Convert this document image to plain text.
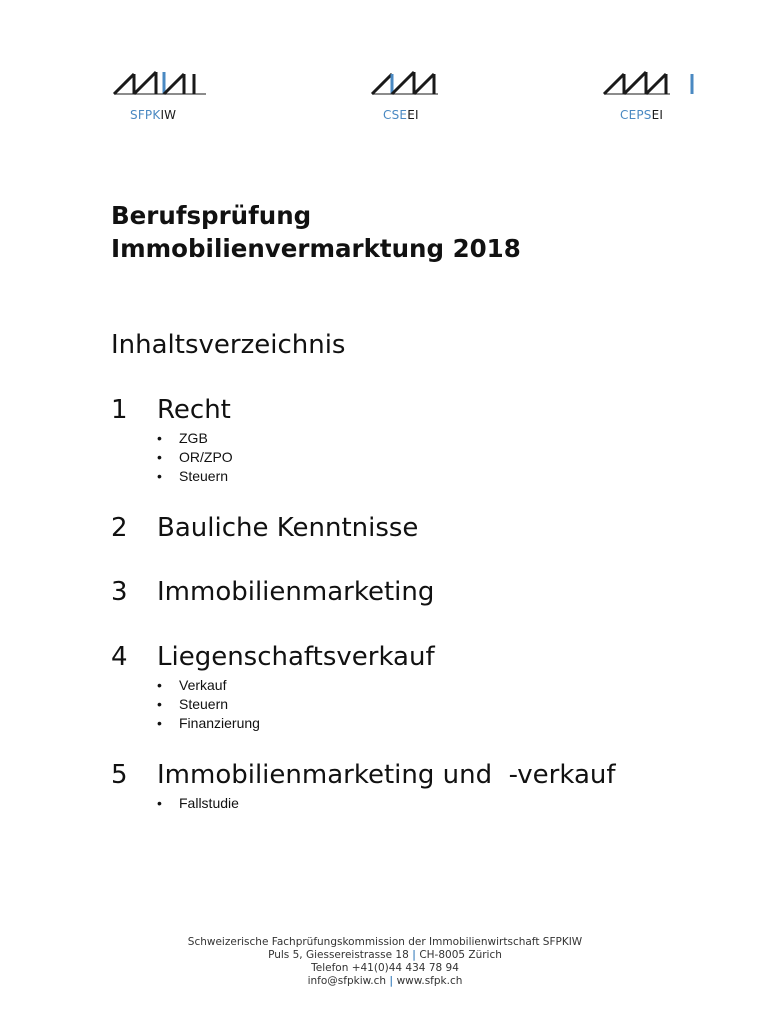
SFPKIW	CSEEI	CEPSEI
Berufsprüfung
Immobilienvermarktung 2018
Inhaltsverzeichnis
1 Recht
• ZGB
• OR/ZPO
• Steuern
2 Bauliche Kenntnisse
3 Immobilienmarketing
4 Liegenschaftsverkauf
• Verkauf
• Steuern
• Finanzierung
5 Immobilienmarketing und  -verkauf
• Fallstudie
Schweizerische Fachprüfungskommission der Immobilienwirtschaft SFPKIW
Puls 5, Giessereistrasse 18 | CH-8005 Zürich
Telefon +41(0)44 434 78 94
info@sfpkiw.ch | www.sfpk.ch
